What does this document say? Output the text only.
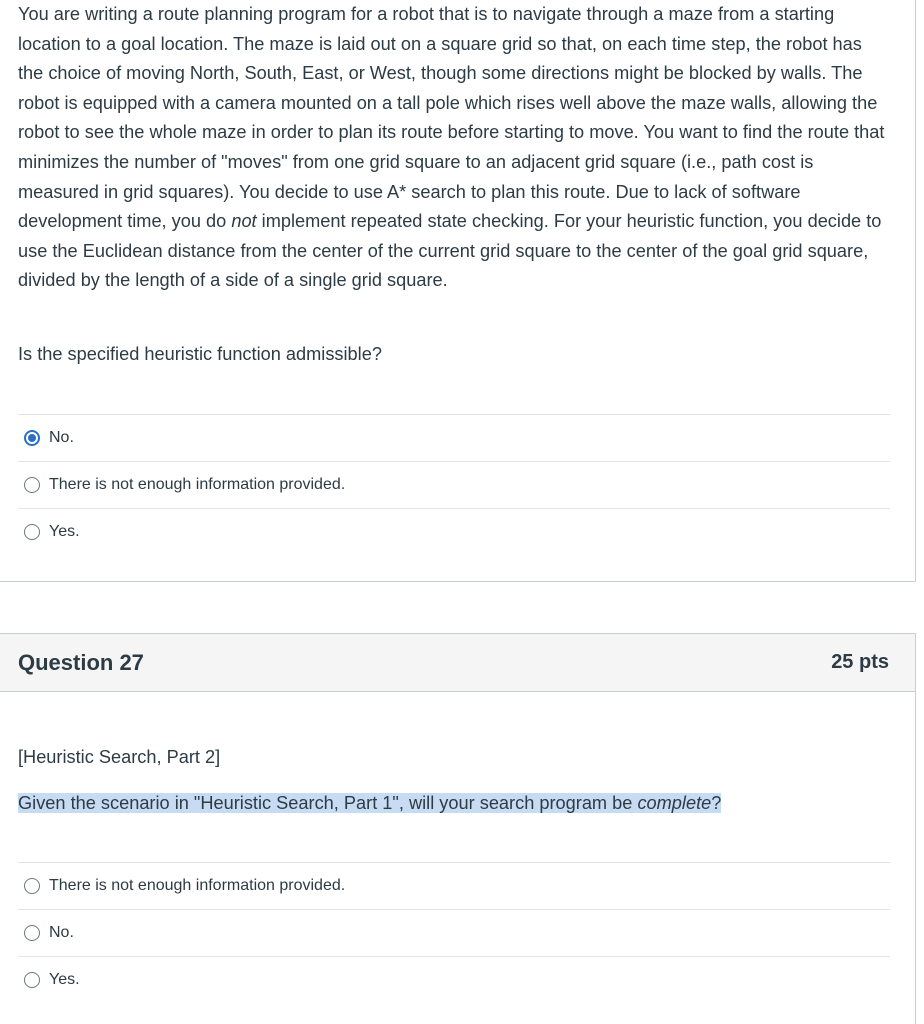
You are writing a route planning program for a robot that is to navigate through a maze from a starting location to a goal location. The maze is laid out on a square grid so that, on each time step, the robot has the choice of moving North, South, East, or West, though some directions might be blocked by walls. The robot is equipped with a camera mounted on a tall pole which rises well above the maze walls, allowing the robot to see the whole maze in order to plan its route before starting to move. You want to find the route that minimizes the number of "moves" from one grid square to an adjacent grid square (i.e., path cost is measured in grid squares). You decide to use A* search to plan this route. Due to lack of software development time, you do not implement repeated state checking. For your heuristic function, you decide to use the Euclidean distance from the center of the current grid square to the center of the goal grid square, divided by the length of a side of a single grid square.

Is the specified heuristic function admissible?

No.
There is not enough information provided.
Yes.
Question 27	25 pts

[Heuristic Search, Part 2]

Given the scenario in "Heuristic Search, Part 1", will your search program be complete?

There is not enough information provided.
No.
Yes.
